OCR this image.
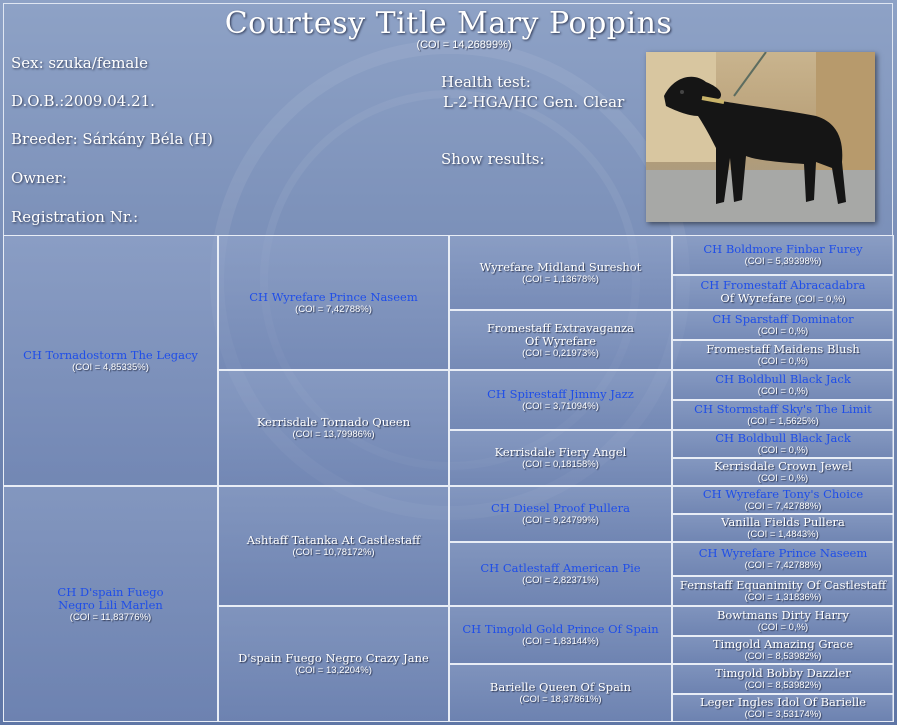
Courtesy Title Mary Poppins
(COI = 14,26899%)
Sex: szuka/female
D.O.B.:2009.04.21.
Breeder: Sárkány Béla (H)
Owner:
Registration Nr.:
Health test:
L-2-HGA/HC Gen. Clear
Show results:
CH Tornadostorm The Legacy
(COI = 4,85335%)
CH D'spain Fuego Negro Lili Marlen
(COI = 11,83776%)
CH Wyrefare Prince Naseem
(COI = 7,42788%)
Kerrisdale Tornado Queen
(COI = 13,79986%)
Ashtaff Tatanka At Castlestaff
(COI = 10,78172%)
D'spain Fuego Negro Crazy Jane
(COI = 13,2204%)
Wyrefare Midland Sureshot
(COI = 1,13678%)
Fromestaff Extravaganza Of Wyrefare
(COI = 0,21973%)
CH Spirestaff Jimmy Jazz
(COI = 3,71094%)
Kerrisdale Fiery Angel
(COI = 0,18158%)
CH Diesel Proof Pullera
(COI = 9,24799%)
CH Catlestaff American Pie
(COI = 2,82371%)
CH Timgold Gold Prince Of Spain
(COI = 1,83144%)
Barielle Queen Of Spain
(COI = 18,37861%)
CH Boldmore Finbar Furey
(COI = 5,39398%)
CH Fromestaff Abracadabra
Of Wyrefare (COI = 0,%)
CH Sparstaff Dominator
(COI = 0,%)
Fromestaff Maidens Blush
(COI = 0,%)
CH Boldbull Black Jack
(COI = 0,%)
CH Stormstaff Sky's The Limit
(COI = 1,5625%)
CH Boldbull Black Jack
(COI = 0,%)
Kerrisdale Crown Jewel
(COI = 0,%)
CH Wyrefare Tony's Choice
(COI = 7,42788%)
Vanilla Fields Pullera
(COI = 1,4843%)
CH Wyrefare Prince Naseem
(COI = 7,42788%)
Fernstaff Equanimity Of Castlestaff
(COI = 1,31836%)
Bowtmans Dirty Harry
(COI = 0,%)
Timgold Amazing Grace
(COI = 8,53982%)
Timgold Bobby Dazzler
(COI = 8,53982%)
Leger Ingles Idol Of Barielle
(COI = 3,53174%)
